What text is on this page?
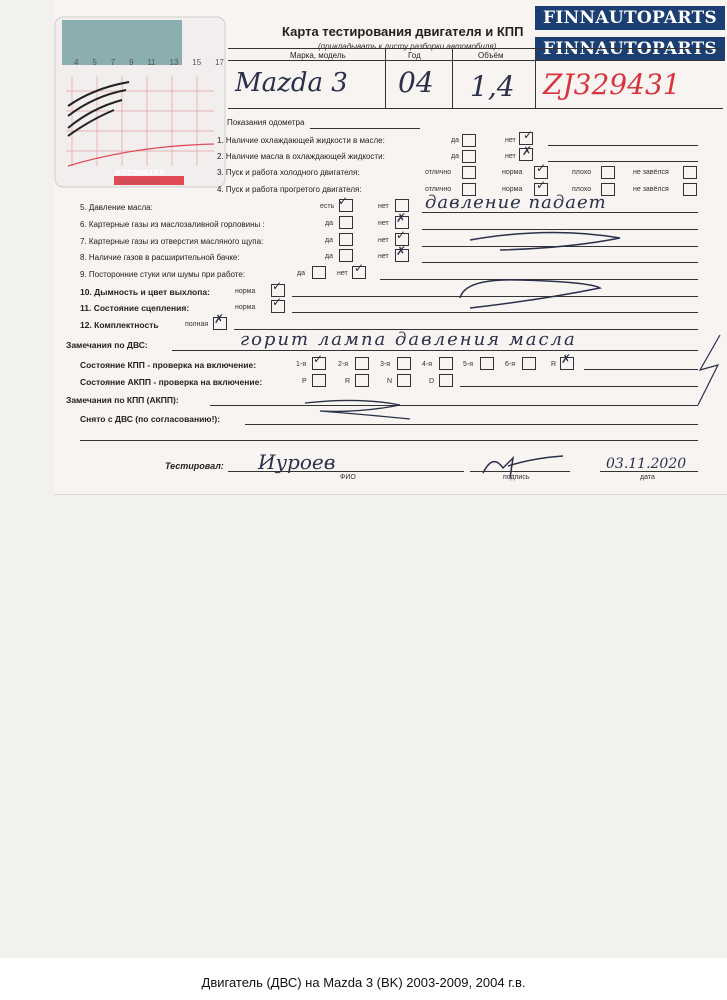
4 5 7 9 11 13 15 17
MOTOMETER
www.motometer.de
FINNAUTOPARTS
FINNAUTOPARTS
Карта тестирования двигателя и КПП
(прикладывать к листу разборки автомобиля)
Марка, модель	Год	Объём
Mazda 3 04 1,4 ZJ329431
Показания одометра
1. Наличие охлаждающей жидкости в масле:	да	нет ✓
2. Наличие масла в охлаждающей жидкости:	да	нет ✗
3. Пуск и работа холодного двигателя:	отлично	норма ✓	плохо	не завёлся
4. Пуск и работа прогретого двигателя:	отлично	норма ✓	плохо	не завёлся
5. Давление масла:	есть ✓	нет давление падает
6. Картерные газы из маслозаливной горловины :	да	нет ✗
7. Картерные газы из отверстия масляного щупа:	да	нет ✓
8. Наличие газов в расширительной бачке:	да	нет ✗
9. Посторонние стуки или шумы при работе:	да	нет ✓
10. Дымность и цвет выхлопа:	норма ✓
11. Состояние сцепления:	норма ✓
12. Комплектность	полная ✗
Замечания по ДВС:	горит лампа давления масла
Состояние КПП - проверка на включение:	1-я ✓ 2-я	3-я	4-я	5-я	6-я	R ✗
Состояние АКПП - проверка на включение:	P	R	N	D
Замечания по КПП (АКПП):
Снято с ДВС (по согласованию!):
Тестировал: Иуроев
ФИО	подпись
03.11.2020
дата
Двигатель (ДВС) на Mazda 3 (BK) 2003-2009, 2004 г.в.
